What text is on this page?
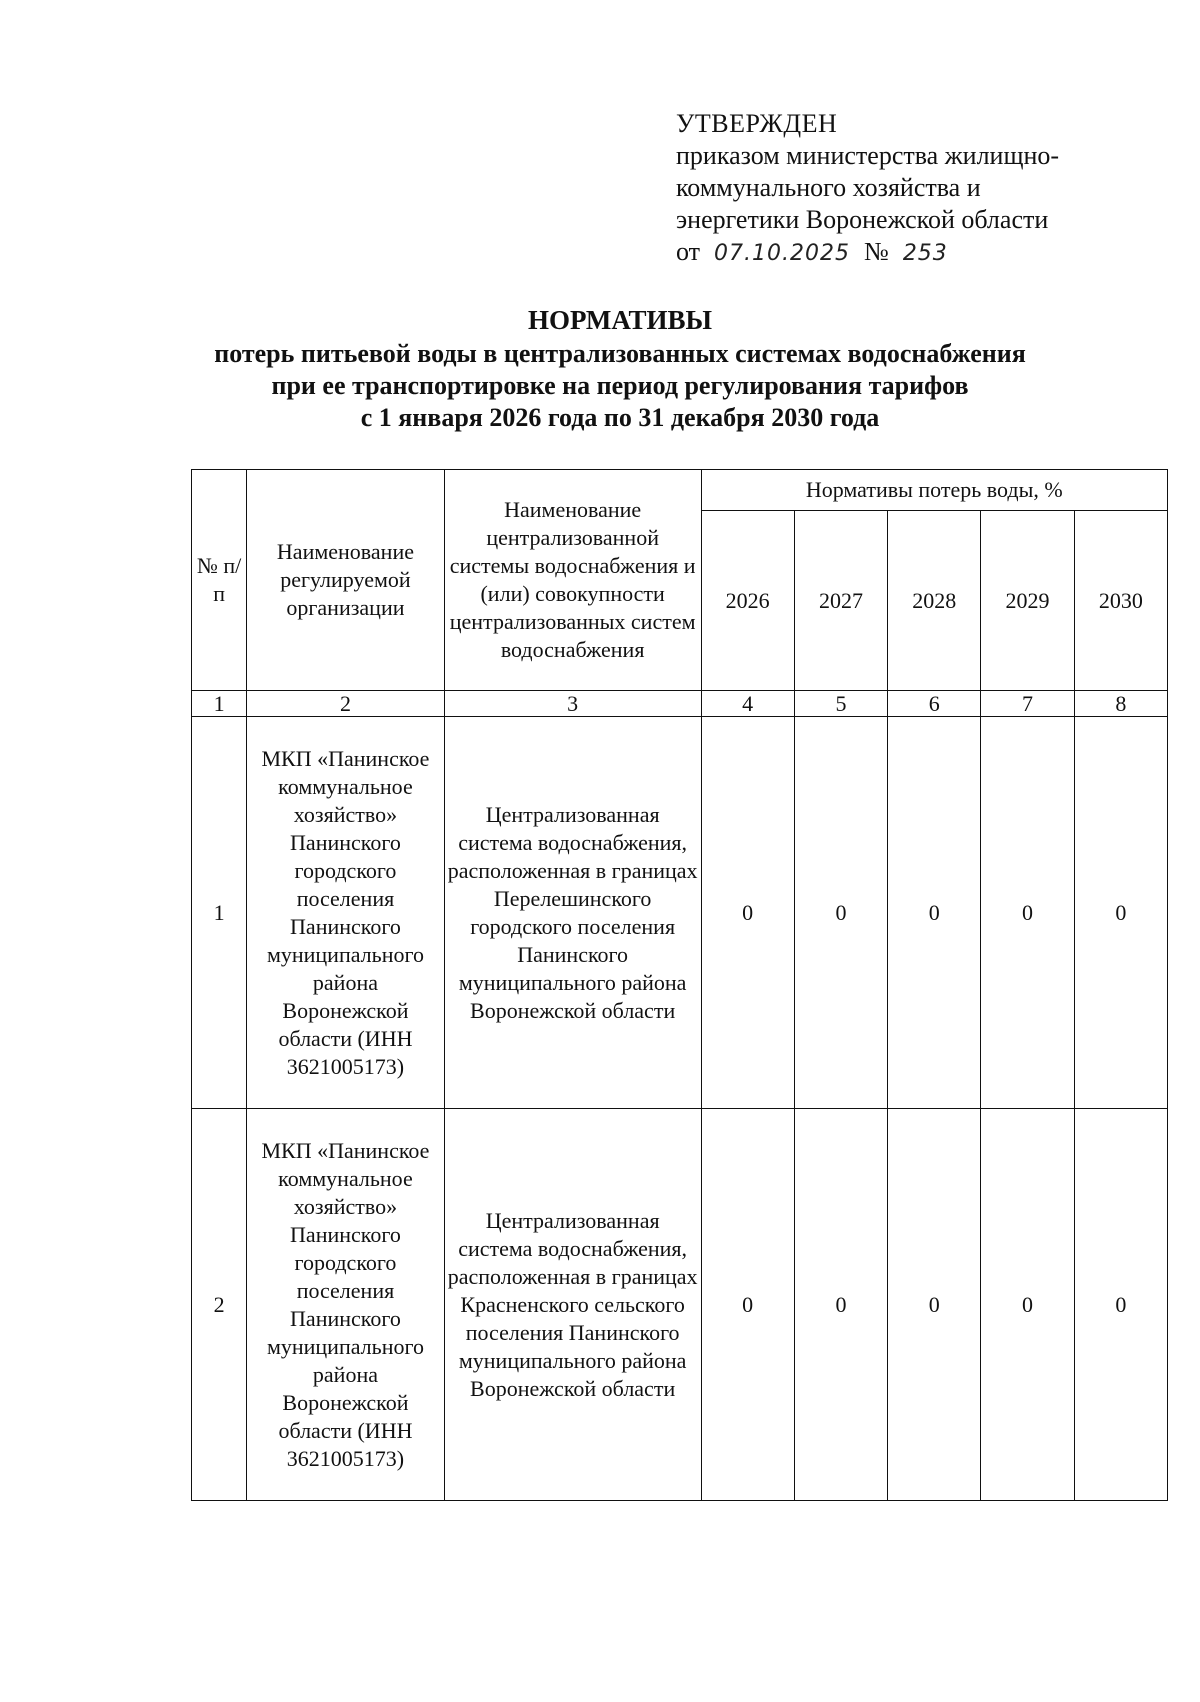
УТВЕРЖДЕН
приказом министерства жилищно-
коммунального хозяйства и
энергетики Воронежской области
от 07.10.2025 № 253
НОРМАТИВЫ
потерь питьевой воды в централизованных системах водоснабжения
при ее транспортировке на период регулирования тарифов
с 1 января 2026 года по 31 декабря 2030 года
№ п/п	Наименование регулируемой организации	Наименование централизованной системы водоснабжения и (или) совокупности централизованных систем водоснабжения	Нормативы потерь воды, %				
			2026	2027	2028	2029	2030
1	2	3	4	5	6	7	8
1	МКП «Панинское коммунальное хозяйство» Панинского городского поселения Панинского муниципального района Воронежской области (ИНН 3621005173)	Централизованная система водоснабжения, расположенная в границах Перелешинского городского поселения Панинского муниципального района Воронежской области	0	0	0	0	0
2	МКП «Панинское коммунальное хозяйство» Панинского городского поселения Панинского муниципального района Воронежской области (ИНН 3621005173)	Централизованная система водоснабжения, расположенная в границах Красненского сельского поселения Панинского муниципального района Воронежской области	0	0	0	0	0
